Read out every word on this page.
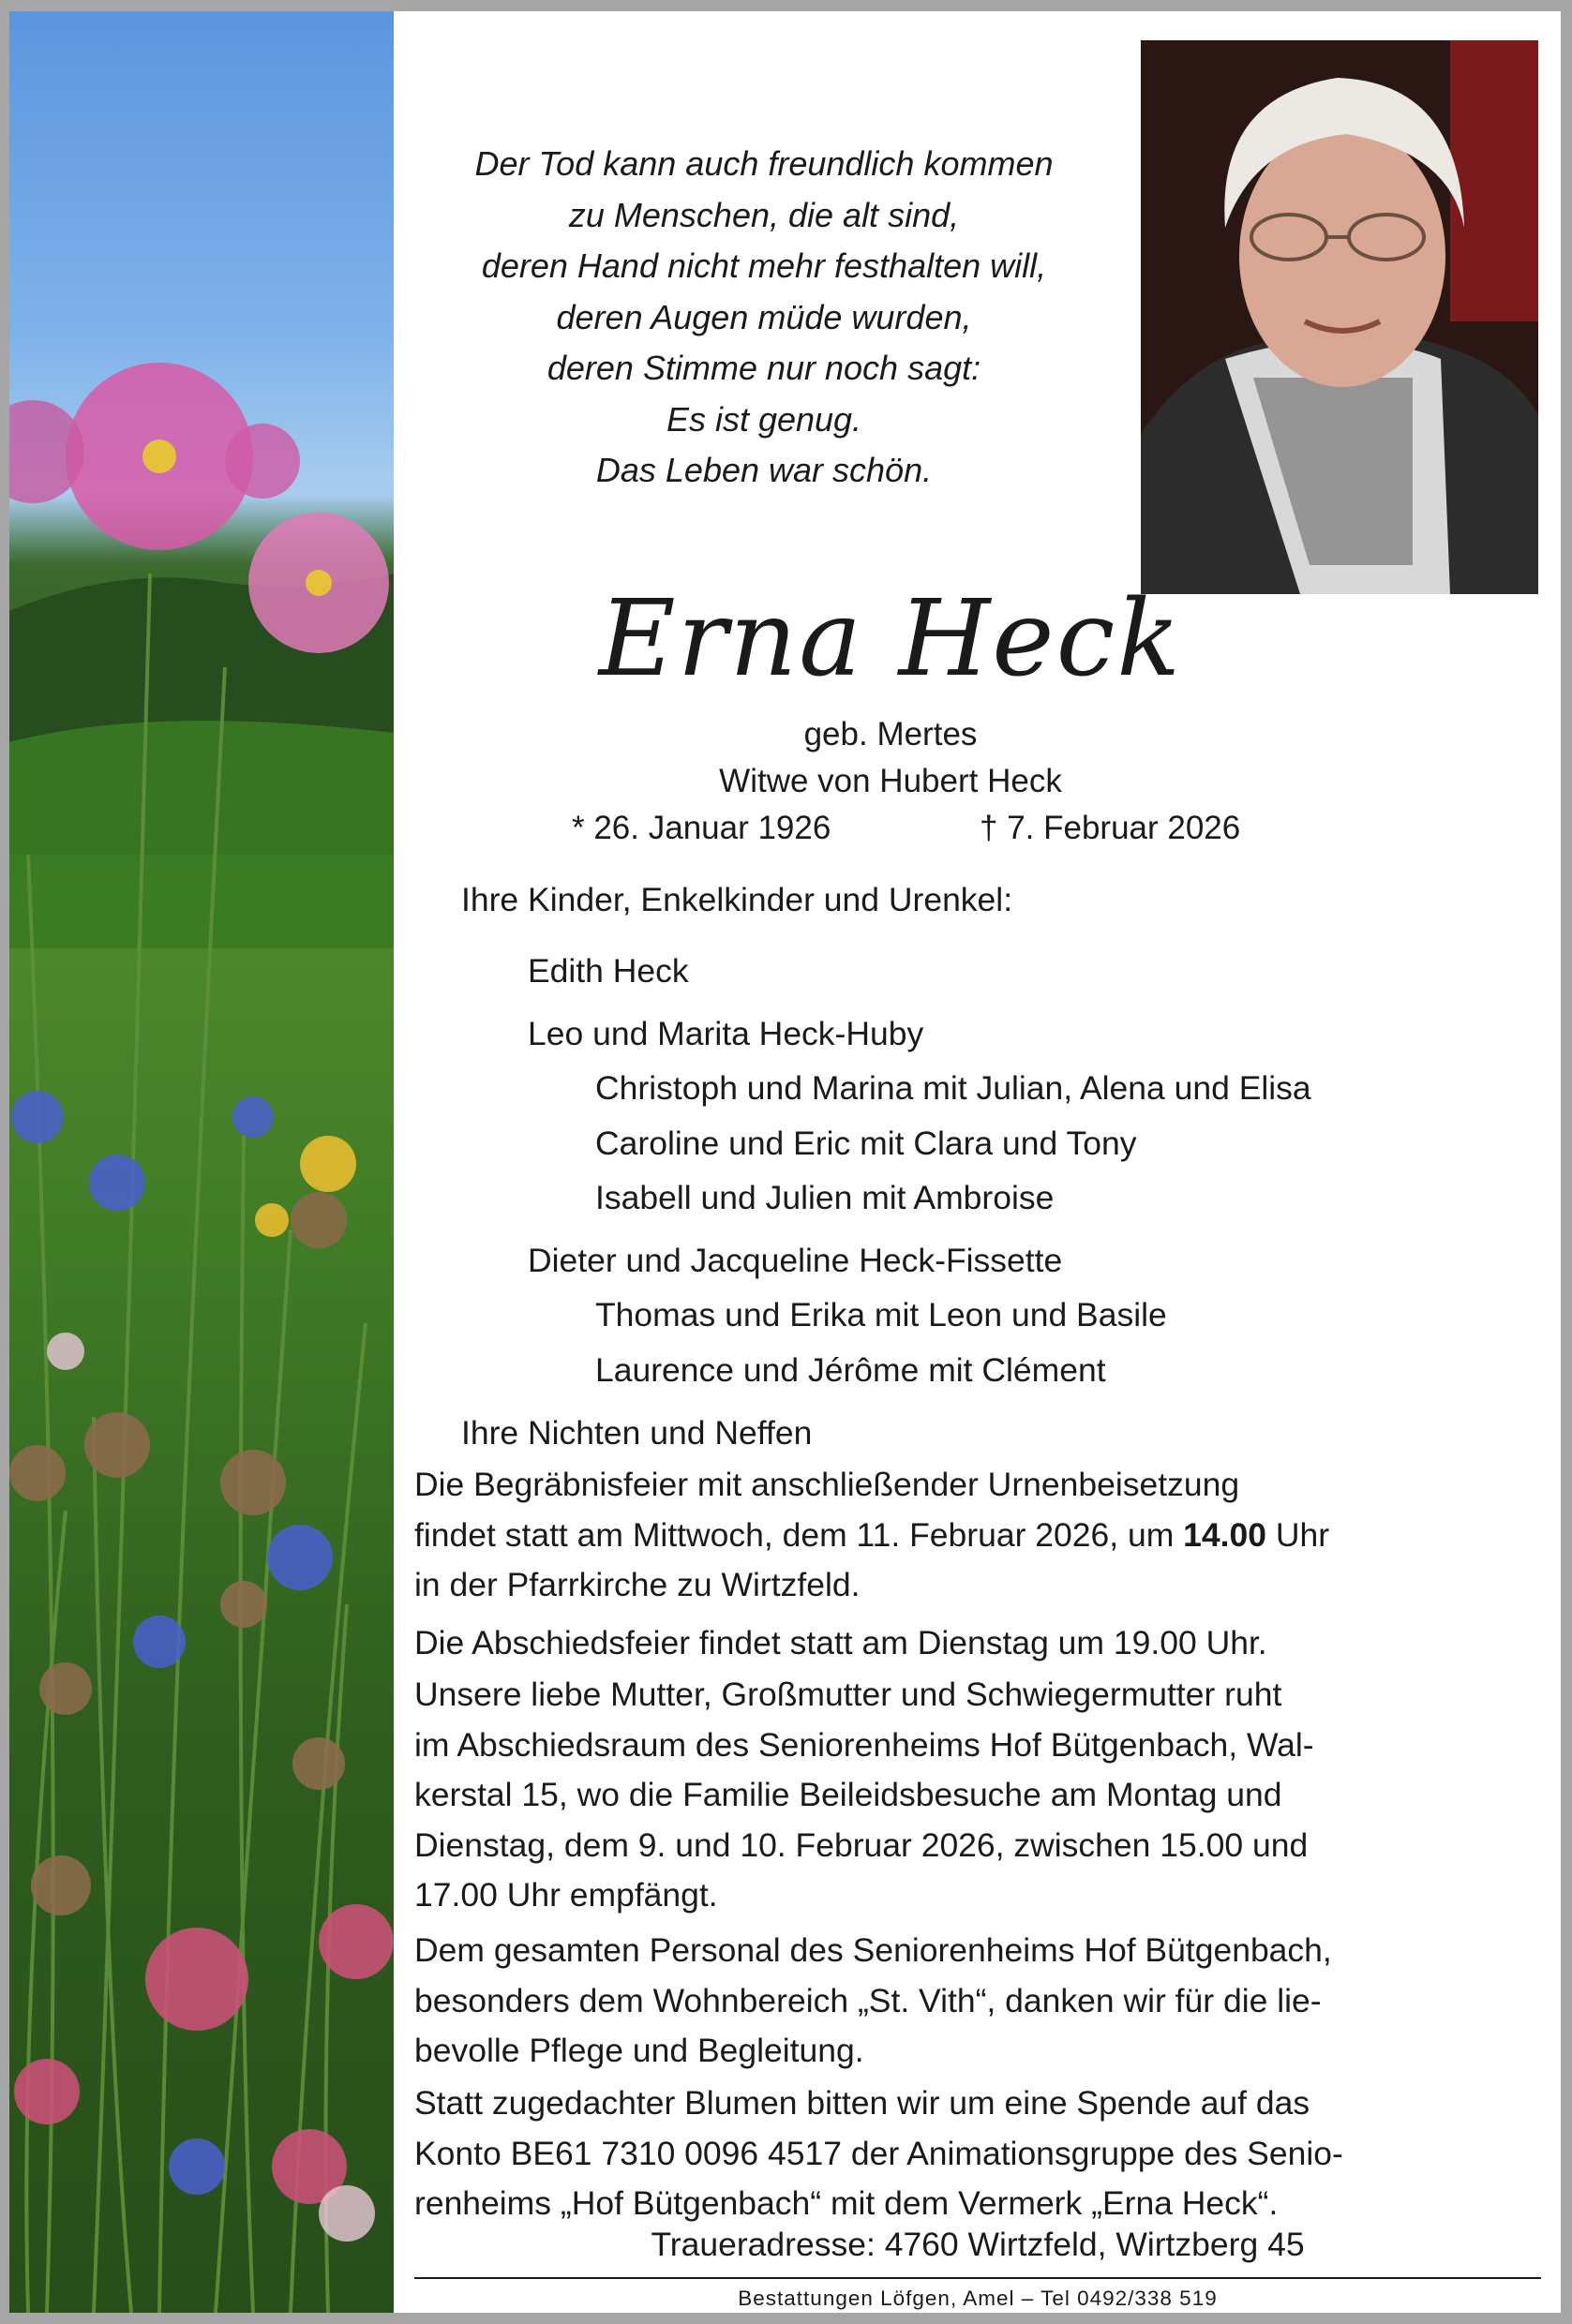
Der Tod kann auch freundlich kommen
zu Menschen, die alt sind,
deren Hand nicht mehr festhalten will,
deren Augen müde wurden,
deren Stimme nur noch sagt:
Es ist genug.
Das Leben war schön.
Erna Heck
geb. Mertes
Witwe von Hubert Heck
* 26. Januar 1926	† 7. Februar 2026
Ihre Kinder, Enkelkinder und Urenkel:
Edith Heck
Leo und Marita Heck-Huby
Christoph und Marina mit Julian, Alena und Elisa
Caroline und Eric mit Clara und Tony
Isabell und Julien mit Ambroise
Dieter und Jacqueline Heck-Fissette
Thomas und Erika mit Leon und Basile
Laurence und Jérôme mit Clément
Ihre Nichten und Neffen
Die Begräbnisfeier mit anschließender Urnenbeisetzung
findet statt am Mittwoch, dem 11. Februar 2026, um 14.00 Uhr
in der Pfarrkirche zu Wirtzfeld.
Die Abschiedsfeier findet statt am Dienstag um 19.00 Uhr.
Unsere liebe Mutter, Großmutter und Schwiegermutter ruht
im Abschiedsraum des Seniorenheims Hof Bütgenbach, Wal-
kerstal 15, wo die Familie Beileidsbesuche am Montag und
Dienstag, dem 9. und 10. Februar 2026, zwischen 15.00 und
17.00 Uhr empfängt.
Dem gesamten Personal des Seniorenheims Hof Bütgenbach,
besonders dem Wohnbereich „St. Vith“, danken wir für die lie-
bevolle Pflege und Begleitung.
Statt zugedachter Blumen bitten wir um eine Spende auf das
Konto BE61 7310 0096 4517 der Animationsgruppe des Senio-
renheims „Hof Bütgenbach“ mit dem Vermerk „Erna Heck“.
Traueradresse: 4760 Wirtzfeld, Wirtzberg 45
Bestattungen Löfgen, Amel – Tel 0492/338 519
